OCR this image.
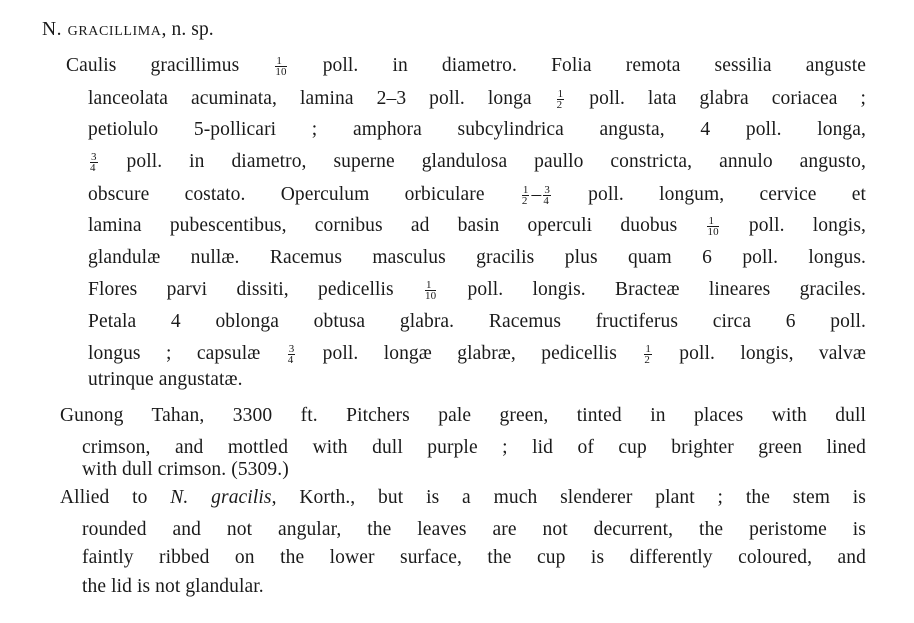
N. gracillima, n. sp.
Caulis gracillimus $\frac{1}{10}$ poll. in diametro. Folia remota sessilia anguste
lanceolata acuminata, lamina 2–3 poll. longa $\frac{1}{2}$ poll. lata glabra coriacea ;
petiolulo 5-pollicari ; amphora subcylindrica angusta, 4 poll. longa,
$\frac{3}{4}$ poll. in diametro, superne glandulosa paullo constricta, annulo angusto,
obscure costato. Operculum orbiculare $\frac{1}{2} - \frac{3}{4}$ poll. longum, cervice et
lamina pubescentibus, cornibus ad basin operculi duobus $\frac{1}{10}$ poll. longis,
glandulæ nullæ. Racemus masculus gracilis plus quam 6 poll. longus.
Flores parvi dissiti, pedicellis $\frac{1}{10}$ poll. longis. Bracteæ lineares graciles.
Petala 4 oblonga obtusa glabra. Racemus fructiferus circa 6 poll.
longus ; capsulæ $\frac{3}{4}$ poll. longæ glabræ, pedicellis $\frac{1}{2}$ poll. longis, valvæ
utrinque angustatæ.
Gunong Tahan, 3300 ft. Pitchers pale green, tinted in places with dull
crimson, and mottled with dull purple ; lid of cup brighter green lined
with dull crimson. (5309.)
Allied to N. gracilis, Korth., but is a much slenderer plant ; the stem is
rounded and not angular, the leaves are not decurrent, the peristome is
faintly ribbed on the lower surface, the cup is differently coloured, and
the lid is not glandular.
